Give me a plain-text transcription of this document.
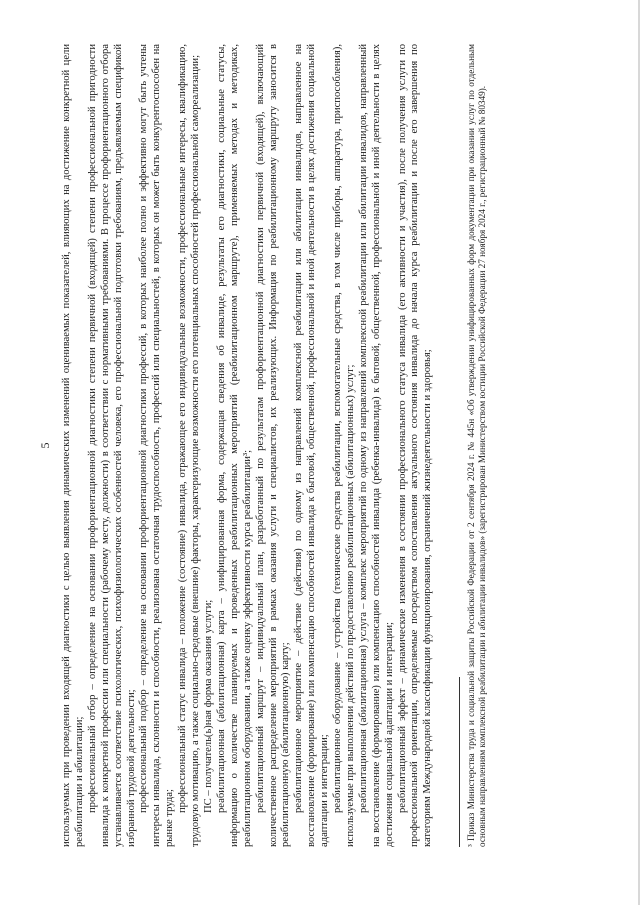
5 используемых при проведении входящей диагностики с целью выявления динамических изменений оцениваемых показателей, влияющих на достижение конкретной цели реабилитации и абилитации; профессиональный отбор – определение на основании профориентационной диагностики степени первичной (входящей) степени профессиональной пригодности инвалида к конкретной профессии или специальности (рабочему месту, должности) в соответствии с нормативными требованиями. В процессе профориентационного отбора устанавливается соответствие психологических, психофизиологических особенностей человека, его профессиональной подготовки требованиям, предъявляемым спецификой избранной трудовой деятельности; профессиональный подбор – определение на основании профориентационной диагностики профессий, в которых наиболее полно и эффективно могут быть учтены интересы инвалида, склонности и способности, реализована остаточная трудоспособность, профессий или специальностей, в которых он может быть конкурентоспособен на рынке труда;

профессиональный статус инвалида – положение (состояние) инвалида, отражающее его индивидуальные возможности, профессиональные интересы, квалификацию, трудовую мотивацию, а также социально-средовые (внешние) факторы, характеризующие возможности его потенциальных способностей профессиональной самореализации; ПС – получатель(ь)ная форма оказания услуги; реабилитационная (абилитационная) карта – унифицированная форма, содержащая сведения об инвалиде, результаты его диагностики, социальные статусы, информацию о количестве планируемых и проведенных реабилитационных мероприятий (реабилитационном маршруте), применяемых методах и методиках, реабилитационном оборудовании, а также оценку эффективности курса реабилитации³; реабилитационный маршрут – индивидуальный план, разработанный по результатам профориентационной диагностики первичной (входящей), включающий количественное распределение мероприятий в рамках оказания услуги и специалистов, их реализующих. Информация по реабилитационному маршруту заносится в реабилитационную (абилитационную) карту; реабилитационное мероприятие – действие (действия) по одному из направлений комплексной реабилитации или абилитации инвалидов, направленное на восстановление (формирование) или компенсацию способностей инвалида к бытовой, общественной, профессиональной и иной деятельности в целях достижения социальной адаптации и интеграции; реабилитационное оборудование – устройства (технические средства реабилитации, вспомогательные средства, в том числе приборы, аппаратура, приспособления), используемые при выполнении действий по предоставлению реабилитационных (абилитационных) услуг; реабилитационная (абилитационная) услуга – комплекс мероприятий по одному из направлений комплексной реабилитации или абилитации инвалидов, направленный на восстановление (формирование) или компенсацию способностей инвалида (ребенка-инвалида) к бытовой, общественной, профессиональной и иной деятельности в целях достижения социальной адаптации и интеграции; реабилитационный эффект – динамические изменения в состоянии профессионального статуса инвалида (его активности и участия), после получения услуги по профессиональной ориентации, определяемые посредством сопоставления актуального состояния инвалида до начала курса реабилитации и после его завершения по категориям Международной классификации функционирования, ограничений жизнедеятельности и здоровья;	³ Приказ Министерства труда и социальной защиты Российской Федерации от 2 сентября 2024 г. № 445н «Об утверждении унифицированных форм документации при оказании услуг по отдельным основным направлениям комплексной реабилитации и абилитации инвалидов» (зарегистрирован Министерством юстиции Российской Федерации 27 ноября 2024 г., регистрационный № 80349).
